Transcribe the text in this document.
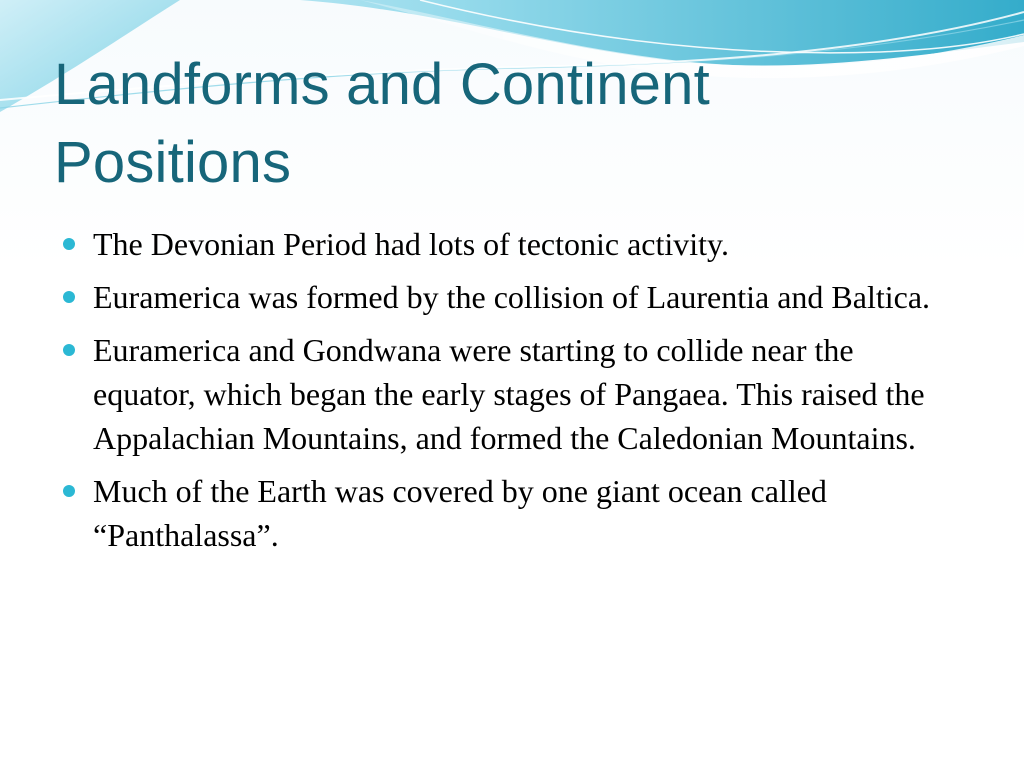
Landforms and Continent Positions
The Devonian Period had lots of tectonic activity.
Euramerica was formed by the collision of Laurentia and Baltica.
Euramerica and Gondwana were starting to collide near the equator, which began the early stages of Pangaea. This raised the Appalachian Mountains, and formed the Caledonian Mountains.
Much of the Earth was covered by one giant ocean called “Panthalassa”.
